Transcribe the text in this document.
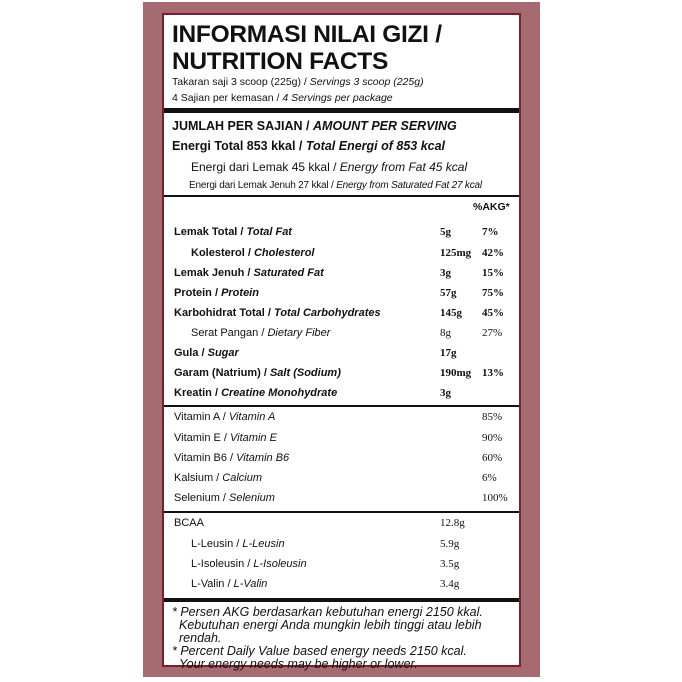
INFORMASI NILAI GIZI /
NUTRITION FACTS
Takaran saji 3 scoop (225g) / Servings 3 scoop (225g)
4 Sajian per kemasan / 4 Servings per package
JUMLAH PER SAJIAN / AMOUNT PER SERVING
Energi Total 853 kkal / Total Energi of 853 kcal
Energi dari Lemak 45 kkal / Energy from Fat 45 kcal
Energi dari Lemak Jenuh 27 kkal / Energy from Saturated Fat 27 kcal
%AKG*
Lemak Total / Total Fat	5g	7%
Kolesterol / Cholesterol	125mg 42%
Lemak Jenuh / Saturated Fat	3g	15%
Protein / Protein	57g 75%
Karbohidrat Total / Total Carbohydrates	145g 45%
Serat Pangan / Dietary Fiber	8g	27%
Gula / Sugar	17g
Garam (Natrium) / Salt (Sodium)	190mg 13%
Kreatin / Creatine Monohydrate	3g
Vitamin A / Vitamin A	85%
Vitamin E / Vitamin E	90%
Vitamin B6 / Vitamin B6	60%
Kalsium / Calcium	6%
Selenium / Selenium	100%
BCAA	12.8g
L-Leusin / L-Leusin	5.9g
L-Isoleusin / L-Isoleusin	3.5g
L-Valin / L-Valin	3.4g
* Persen AKG berdasarkan kebutuhan energi 2150 kkal.
Kebutuhan energi Anda mungkin lebih tinggi atau lebih
rendah.
* Percent Daily Value based energy needs 2150 kcal.
Your energy needs may be higher or lower.
